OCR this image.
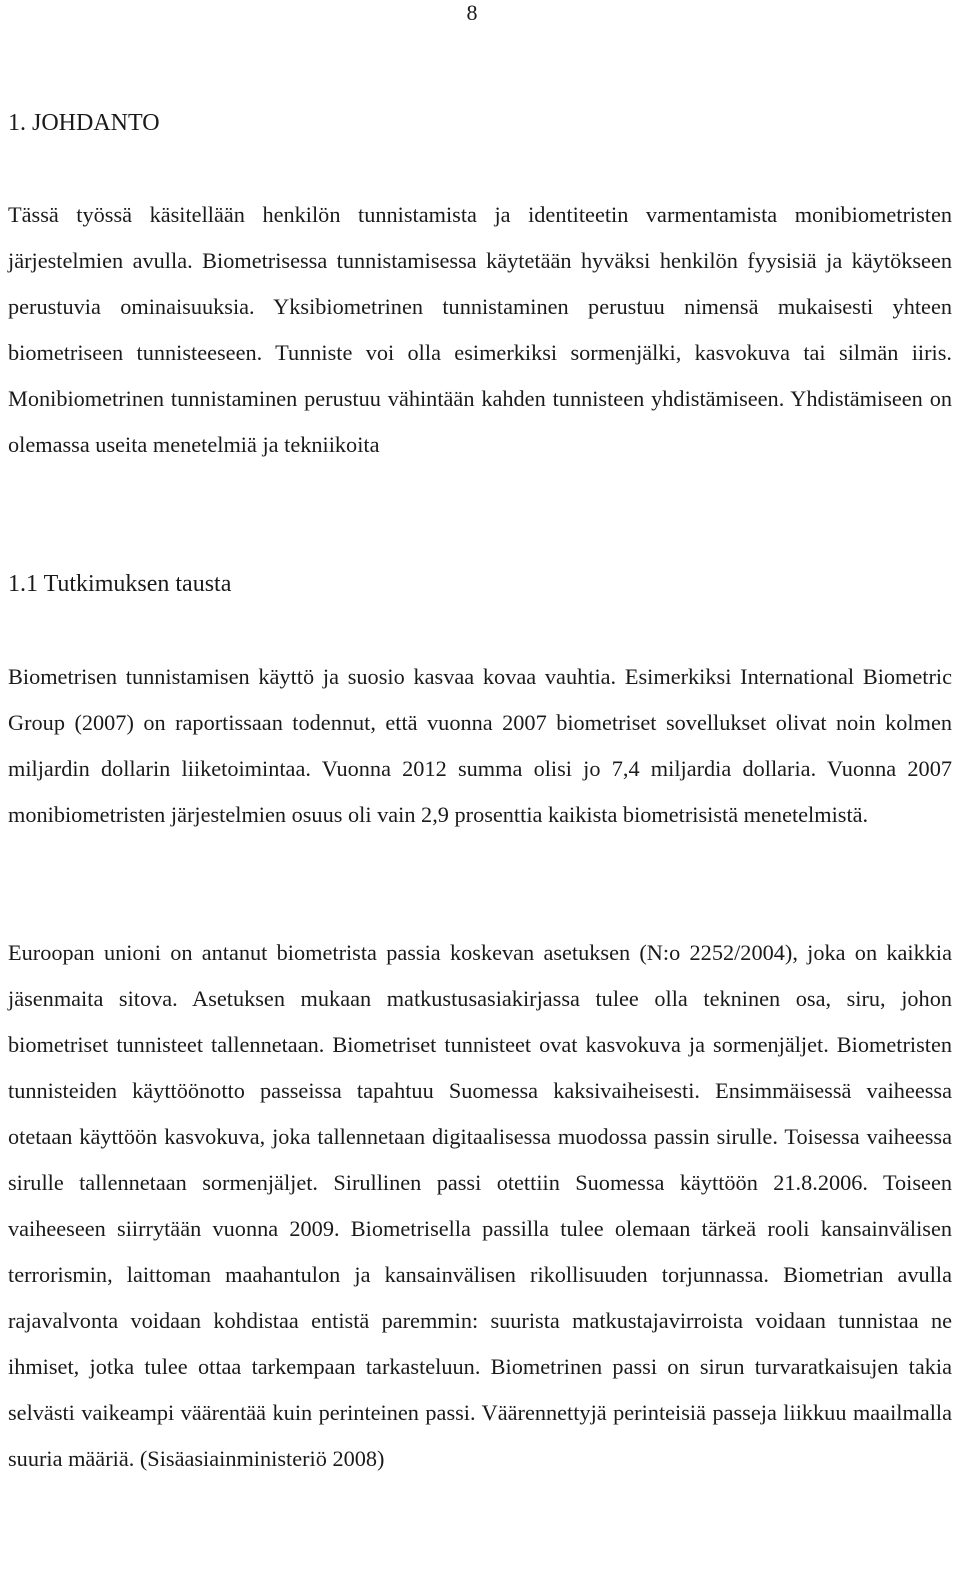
8
1. JOHDANTO

Tässä työssä käsitellään henkilön tunnistamista ja identiteetin varmentamista monibiometristen järjestelmien avulla. Biometrisessa tunnistamisessa käytetään hyväksi henkilön fyysisiä ja käytökseen perustuvia ominaisuuksia. Yksibiometrinen tunnistaminen perustuu nimensä mukaisesti yhteen biometriseen tunnisteeseen. Tunniste voi olla esimerkiksi sormenjälki, kasvokuva tai silmän iiris. Monibiometrinen tunnistaminen perustuu vähintään kahden tunnisteen yhdistämiseen. Yhdistämiseen on olemassa useita menetelmiä ja tekniikoita

1.1 Tutkimuksen tausta

Biometrisen tunnistamisen käyttö ja suosio kasvaa kovaa vauhtia. Esimerkiksi International Biometric Group (2007) on raportissaan todennut, että vuonna 2007 biometriset sovellukset olivat noin kolmen miljardin dollarin liiketoimintaa. Vuonna 2012 summa olisi jo 7,4 miljardia dollaria. Vuonna 2007 monibiometristen järjestelmien osuus oli vain 2,9 prosenttia kaikista biometrisistä menetelmistä.

Euroopan unioni on antanut biometrista passia koskevan asetuksen (N:o 2252/2004), joka on kaikkia jäsenmaita sitova. Asetuksen mukaan matkustusasiakirjassa tulee olla tekninen osa, siru, johon biometriset tunnisteet tallennetaan. Biometriset tunnisteet ovat kasvokuva ja sormenjäljet. Biometristen tunnisteiden käyttöönotto passeissa tapahtuu Suomessa kaksivaiheisesti. Ensimmäisessä vaiheessa otetaan käyttöön kasvokuva, joka tallennetaan digitaalisessa muodossa passin sirulle. Toisessa vaiheessa sirulle tallennetaan sormenjäljet. Sirullinen passi otettiin Suomessa käyttöön 21.8.2006. Toiseen vaiheeseen siirrytään vuonna 2009. Biometrisella passilla tulee olemaan tärkeä rooli kansainvälisen terrorismin, laittoman maahantulon ja kansainvälisen rikollisuuden torjunnassa. Biometrian avulla rajavalvonta voidaan kohdistaa entistä paremmin: suurista matkustajavirroista voidaan tunnistaa ne ihmiset, jotka tulee ottaa tarkempaan tarkasteluun. Biometrinen passi on sirun turvaratkaisujen takia selvästi vaikeampi väärentää kuin perinteinen passi. Väärennettyjä perinteisiä passeja liikkuu maailmalla suuria määriä. (Sisäasiainministeriö 2008)
